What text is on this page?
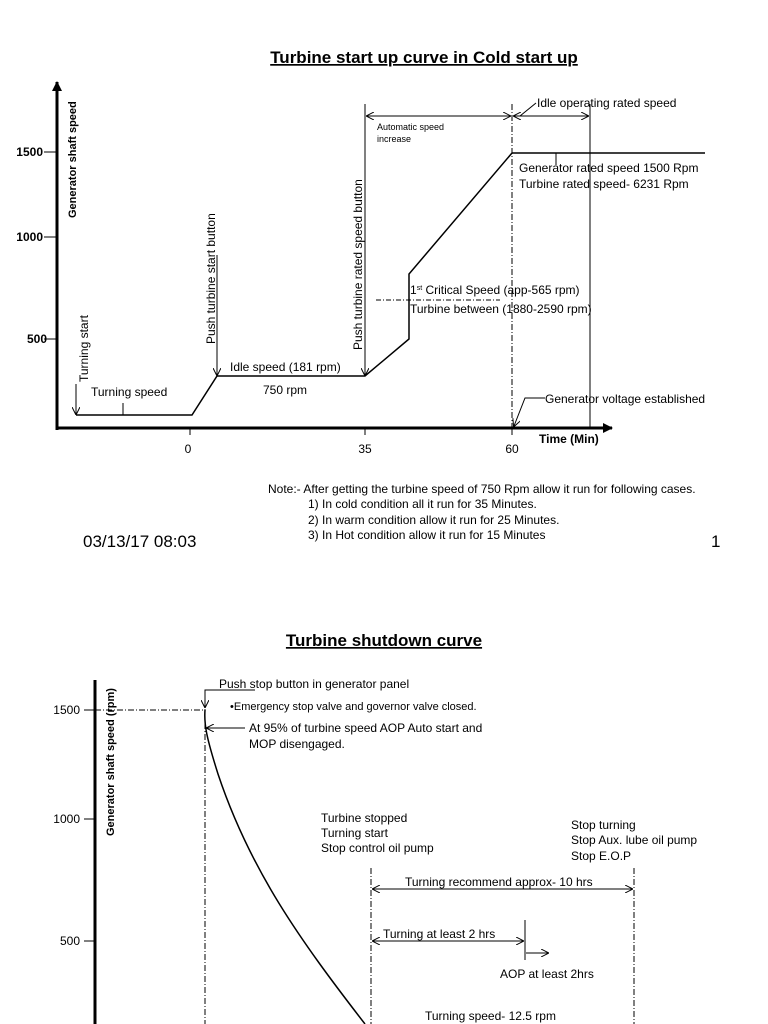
Turbine start up curve in Cold start up
Generator shaft speed
Time (Min)
1500
1000
500
0	35	60
Turning start
Turning speed
Push turbine start button
Idle speed (181 rpm)
750 rpm
Push turbine rated speed button
Automatic speed
increase
Idle operating rated speed
Generator rated speed 1500 Rpm
Turbine rated speed- 6231 Rpm
1st Critical Speed (app-565 rpm)
Turbine between (1880-2590 rpm)
Generator voltage established
Note:- After getting the turbine speed of 750 Rpm allow it run for following cases.
1) In cold condition all it run for 35 Minutes.
2) In warm condition allow it run for 25 Minutes.
3) In Hot condition allow it run for 15 Minutes
03/13/17 08:03	1
Turbine shutdown curve
Generator shaft speed (rpm)
1500
1000
500
Push stop button in generator panel
•Emergency stop valve and governor valve closed.
At 95% of turbine speed AOP Auto start and
MOP disengaged.
Turbine stopped
Turning start
Stop control oil pump
Stop turning
Stop Aux. lube oil pump
Stop E.O.P
Turning recommend approx- 10 hrs
Turning at least 2 hrs
AOP at least 2hrs
Turning speed- 12.5 rpm
